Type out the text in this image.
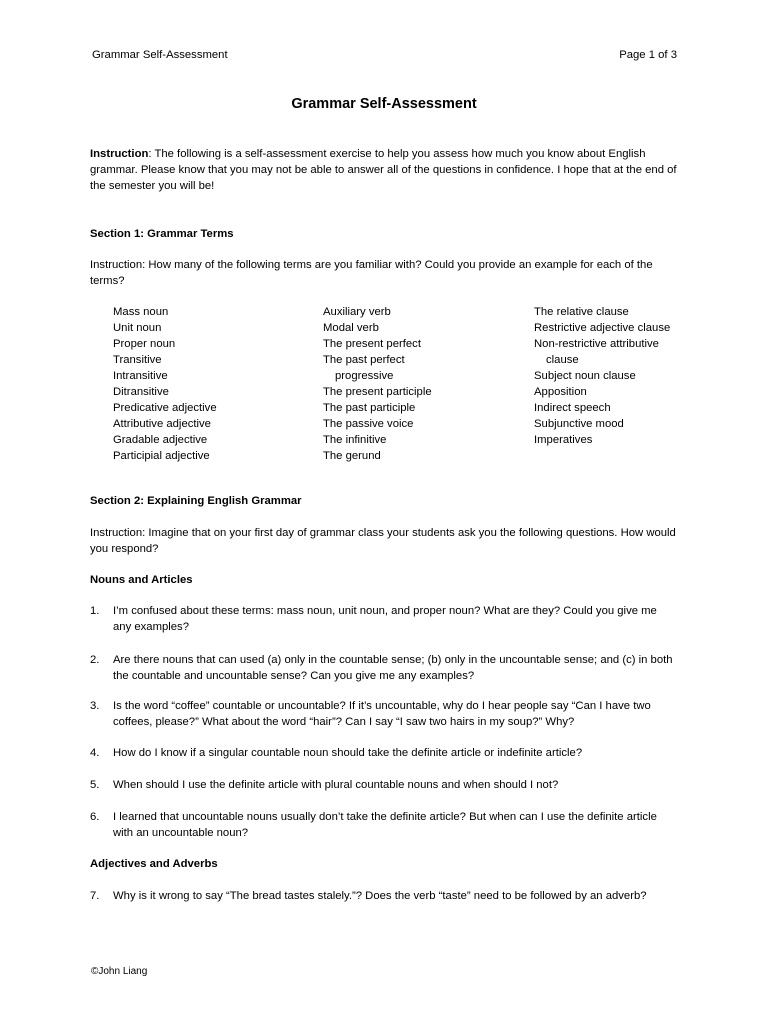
Grammar Self-Assessment	Page 1 of 3
Grammar Self-Assessment
Instruction: The following is a self-assessment exercise to help you assess how much you know about English grammar. Please know that you may not be able to answer all of the questions in confidence. I hope that at the end of the semester you will be!
Section 1: Grammar Terms
Instruction: How many of the following terms are you familiar with? Could you provide an example for each of the terms?
Mass noun
Unit noun
Proper noun
Transitive
Intransitive
Ditransitive
Predicative adjective
Attributive adjective
Gradable adjective
Participial adjective
Auxiliary verb
Modal verb
The present perfect
The past perfect
progressive
The present participle
The past participle
The passive voice
The infinitive
The gerund
The relative clause
Restrictive adjective clause
Non-restrictive attributive
clause
Subject noun clause
Apposition
Indirect speech
Subjunctive mood
Imperatives
Section 2: Explaining English Grammar
Instruction: Imagine that on your first day of grammar class your students ask you the following questions. How would you respond?
Nouns and Articles
1. I’m confused about these terms: mass noun, unit noun, and proper noun? What are they? Could you give me any examples?
2. Are there nouns that can used (a) only in the countable sense; (b) only in the uncountable sense; and (c) in both the countable and uncountable sense? Can you give me any examples?
3. Is the word “coffee” countable or uncountable? If it’s uncountable, why do I hear people say “Can I have two coffees, please?” What about the word “hair”? Can I say “I saw two hairs in my soup?” Why?
4. How do I know if a singular countable noun should take the definite article or indefinite article?
5. When should I use the definite article with plural countable nouns and when should I not?
6. I learned that uncountable nouns usually don’t take the definite article? But when can I use the definite article with an uncountable noun?
Adjectives and Adverbs
7. Why is it wrong to say “The bread tastes stalely.”? Does the verb “taste” need to be followed by an adverb?
©John Liang
